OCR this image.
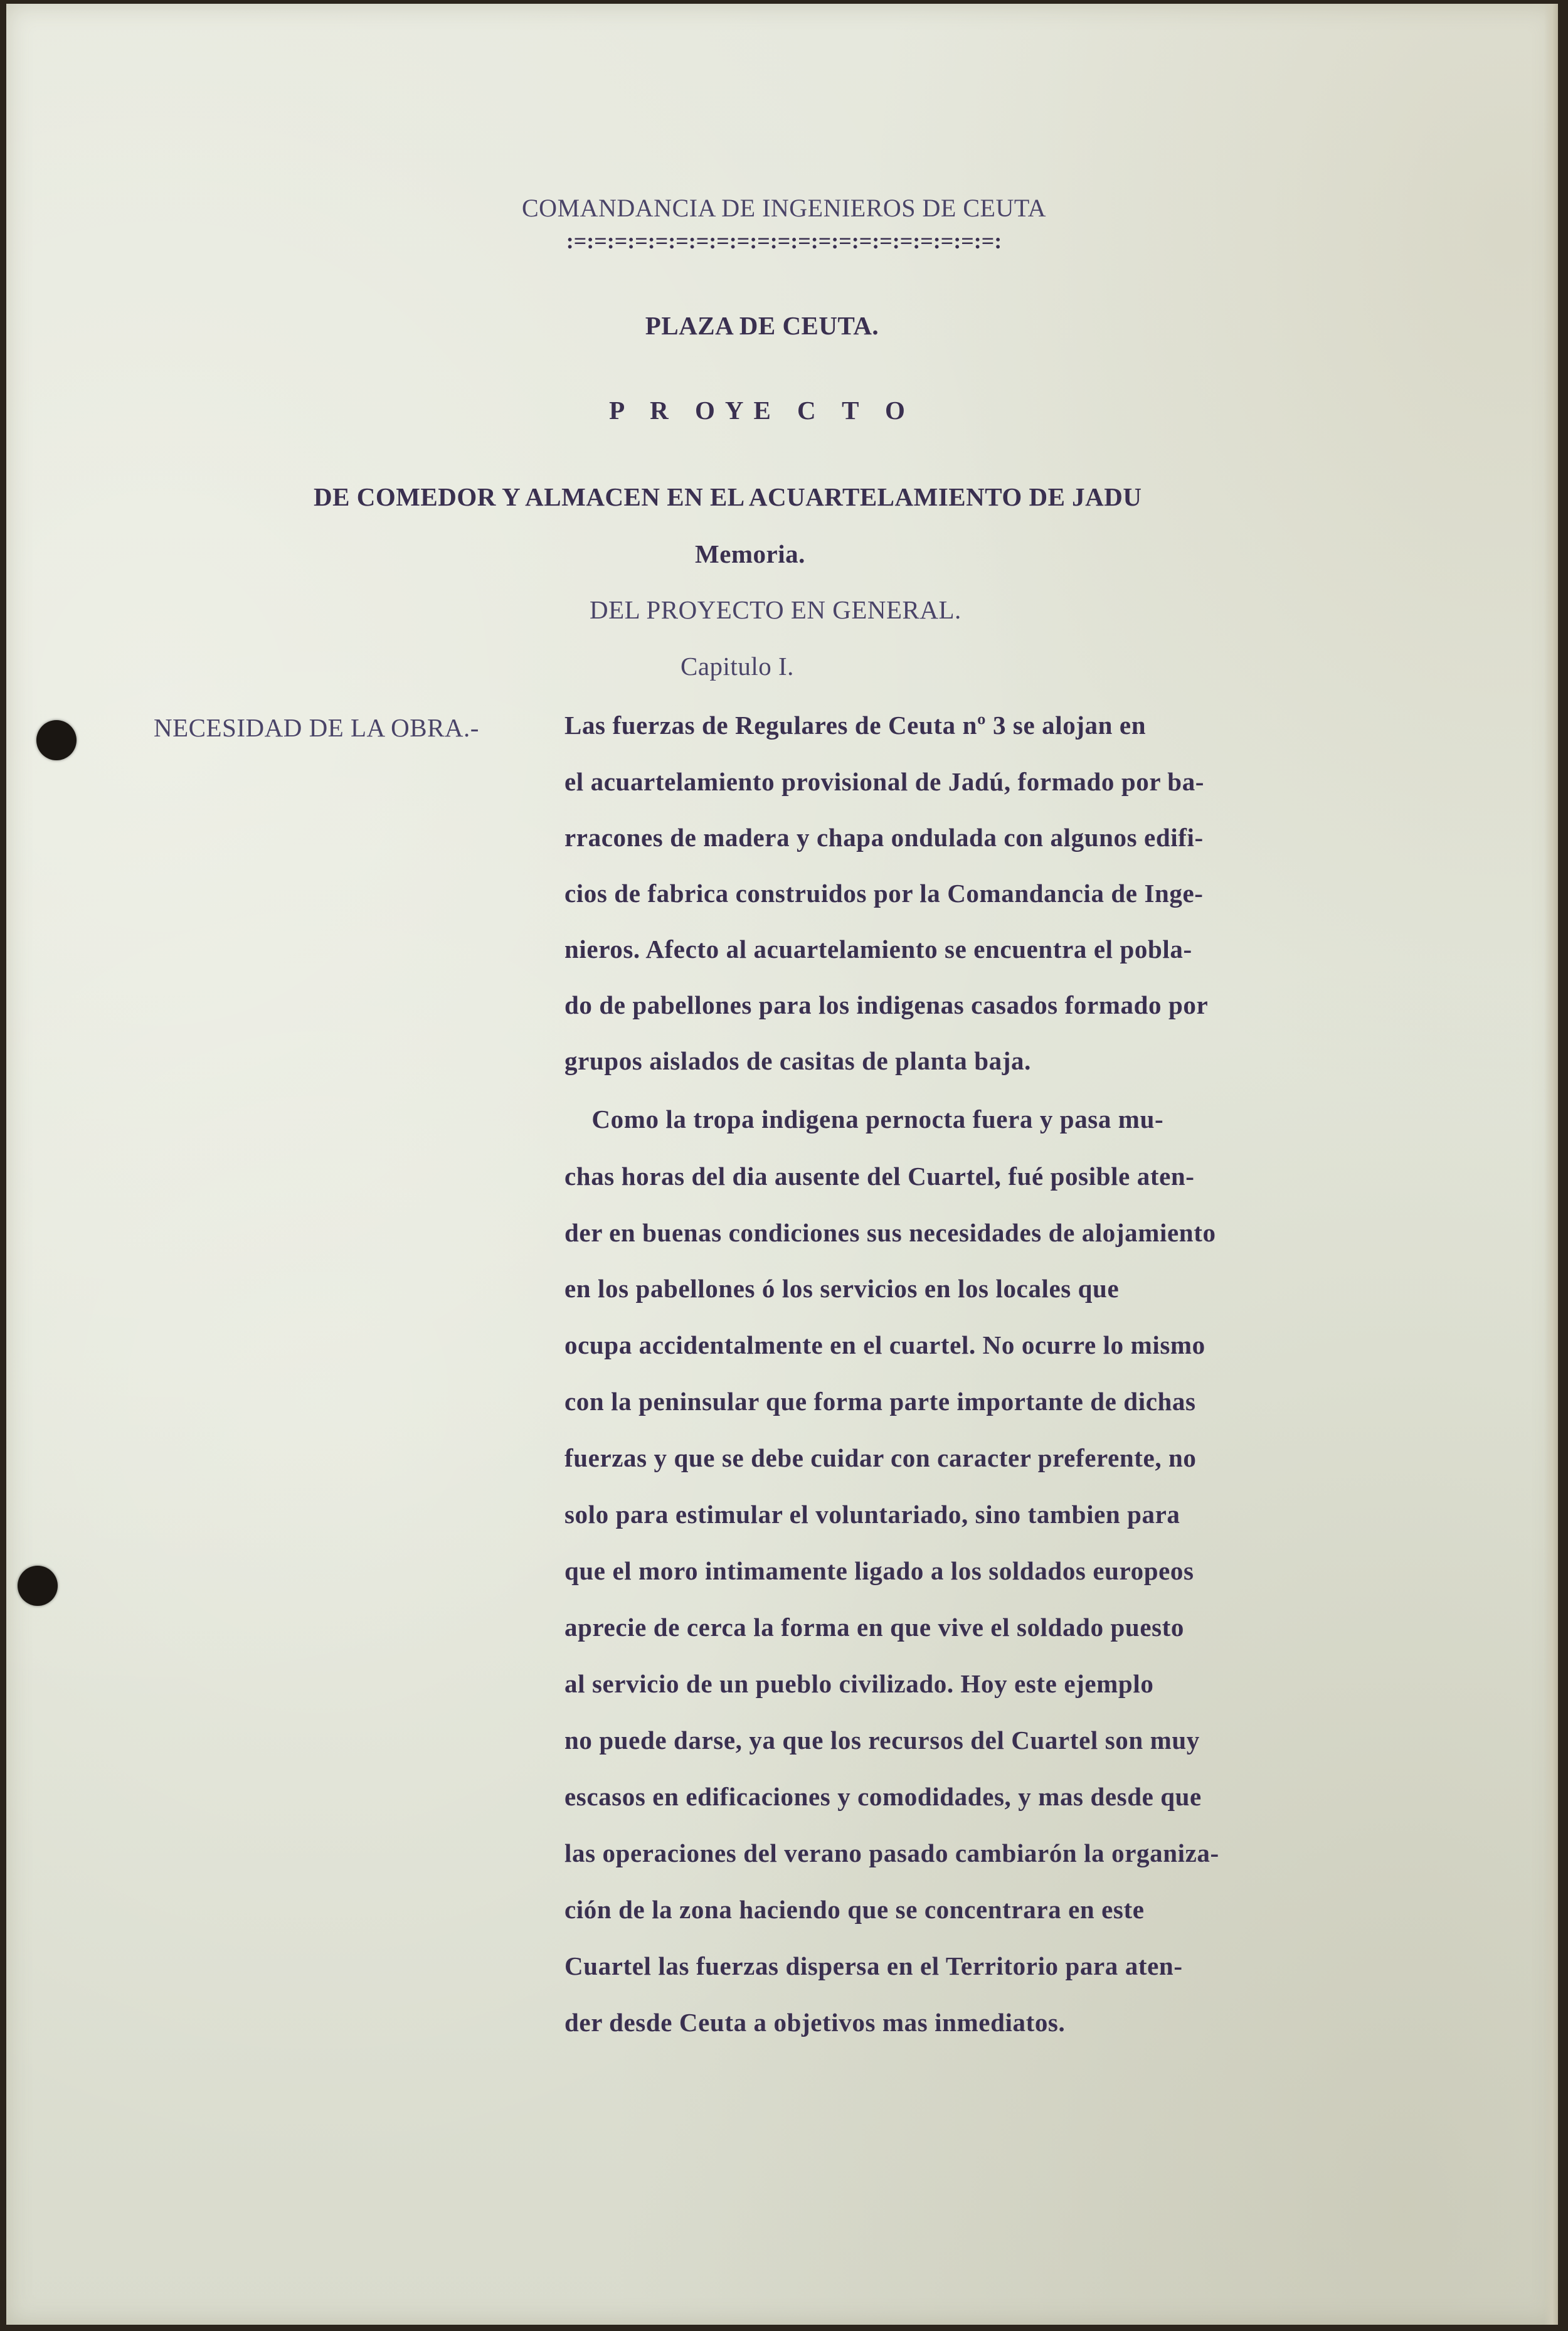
COMANDANCIA DE INGENIEROS DE CEUTA
:=:=:=:=:=:=:=:=:=:=:=:=:=:=:=:=:=:=:=:=:=:
PLAZA DE CEUTA.
P R OYE C T O
DE COMEDOR Y ALMACEN EN EL ACUARTELAMIENTO DE JADU
Memoria.
DEL PROYECTO EN GENERAL.
Capitulo I.
NECESIDAD DE LA OBRA.-	Las fuerzas de Regulares de Ceuta nº 3 se alojan en
el acuartelamiento provisional de Jadú, formado por ba-
rracones de madera y chapa ondulada con algunos edifi-
cios de fabrica construidos por la Comandancia de Inge-
nieros. Afecto al acuartelamiento se encuentra el pobla-
do de pabellones para los indigenas casados formado por
grupos aislados de casitas de planta baja.
Como la tropa indigena pernocta fuera y pasa mu-
chas horas del dia ausente del Cuartel, fué posible aten-
der en buenas condiciones sus necesidades de alojamiento
en los pabellones ó los servicios en los locales que
ocupa accidentalmente en el cuartel. No ocurre lo mismo
con la peninsular que forma parte importante de dichas
fuerzas y que se debe cuidar con caracter preferente, no
solo para estimular el voluntariado, sino tambien para
que el moro intimamente ligado a los soldados europeos
aprecie de cerca la forma en que vive el soldado puesto
al servicio de un pueblo civilizado. Hoy este ejemplo
no puede darse, ya que los recursos del Cuartel son muy
escasos en edificaciones y comodidades, y mas desde que
las operaciones del verano pasado cambiarón la organiza-
ción de la zona haciendo que se concentrara en este
Cuartel las fuerzas dispersa en el Territorio para aten-
der desde Ceuta a objetivos mas inmediatos.
